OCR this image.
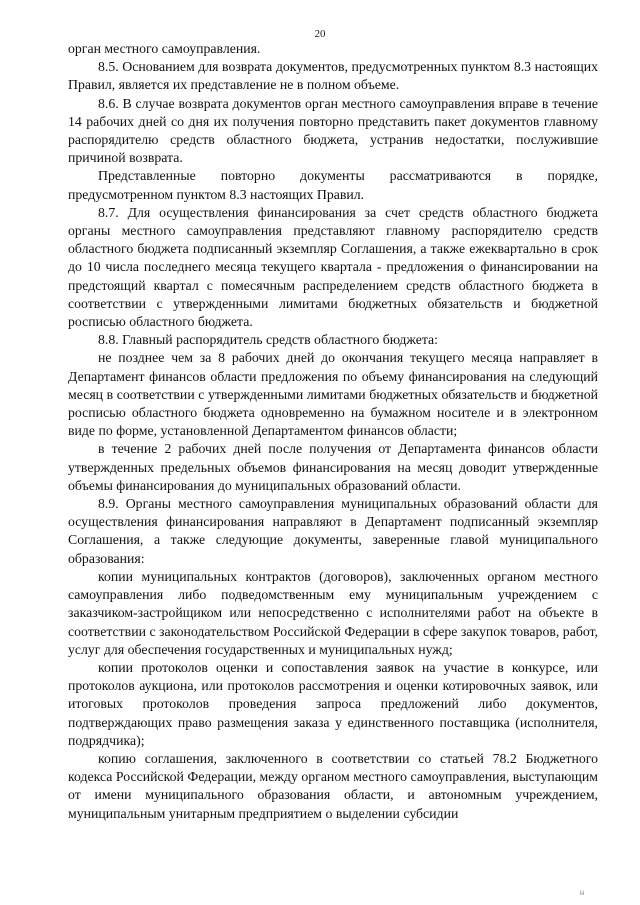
20

орган местного самоуправления.

8.5. Основанием для возврата документов, предусмотренных пунктом 8.3 настоящих Правил, является их представление не в полном объеме.

8.6. В случае возврата документов орган местного самоуправления вправе в течение 14 рабочих дней со дня их получения повторно представить пакет документов главному распорядителю средств областного бюджета, устранив недостатки, послужившие причиной возврата.

Представленные повторно документы рассматриваются в порядке, предусмотренном пунктом 8.3 настоящих Правил.

8.7. Для осуществления финансирования за счет средств областного бюджета органы местного самоуправления представляют главному распорядителю средств областного бюджета подписанный экземпляр Соглашения, а также ежеквартально в срок до 10 числа последнего месяца текущего квартала - предложения о финансировании на предстоящий квартал с помесячным распределением средств областного бюджета в соответствии с утвержденными лимитами бюджетных обязательств и бюджетной росписью областного бюджета.

8.8. Главный распорядитель средств областного бюджета:

не позднее чем за 8 рабочих дней до окончания текущего месяца направляет в Департамент финансов области предложения по объему финансирования на следующий месяц в соответствии с утвержденными лимитами бюджетных обязательств и бюджетной росписью областного бюджета одновременно на бумажном носителе и в электронном виде по форме, установленной Департаментом финансов области;

в течение 2 рабочих дней после получения от Департамента финансов области утвержденных предельных объемов финансирования на месяц доводит утвержденные объемы финансирования до муниципальных образований области.

8.9. Органы местного самоуправления муниципальных образований области для осуществления финансирования направляют в Департамент подписанный экземпляр Соглашения, а также следующие документы, заверенные главой муниципального образования:

копии муниципальных контрактов (договоров), заключенных органом местного самоуправления либо подведомственным ему муниципальным учреждением с заказчиком-застройщиком или непосредственно с исполнителями работ на объекте в соответствии с законодательством Российской Федерации в сфере закупок товаров, работ, услуг для обеспечения государственных и муниципальных нужд;

копии протоколов оценки и сопоставления заявок на участие в конкурсе, или протоколов аукциона, или протоколов рассмотрения и оценки котировочных заявок, или итоговых протоколов проведения запроса предложений либо документов, подтверждающих право размещения заказа у единственного поставщика (исполнителя, подрядчика);

копию соглашения, заключенного в соответствии со статьей 78.2 Бюджетного кодекса Российской Федерации, между органом местного самоуправления, выступающим от имени муниципального образования области, и автономным учреждением, муниципальным унитарным предприятием о выделении субсидии

iii
